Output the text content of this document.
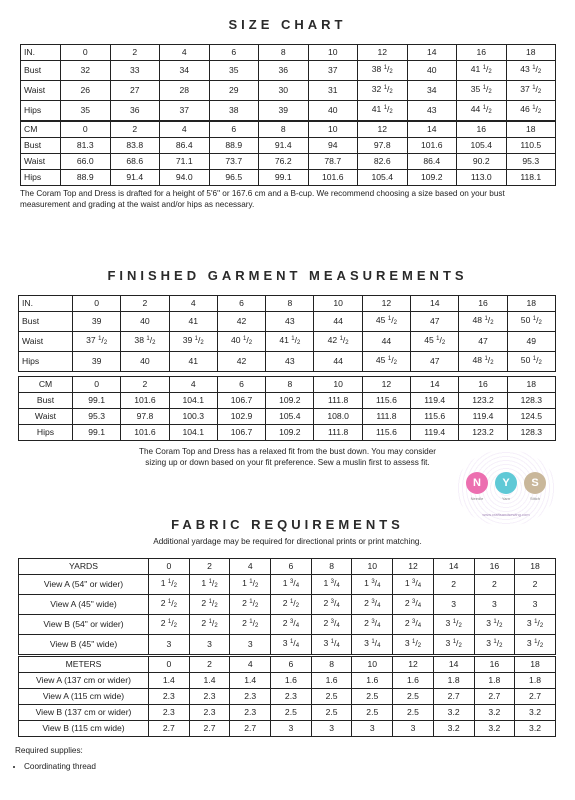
SIZE CHART
IN.	0	2	4	6	8	10	12	14	16	18
Bust	32	33	34	35	36	37	38 $^1/_2$	40	41 $^1/_2$	43 $^1/_2$
Waist	26	27	28	29	30	31	32 $^1/_2$	34	35 $^1/_2$	37 $^1/_2$
Hips	35	36	37	38	39	40	41 $^1/_2$	43	44 $^1/_2$	46 $^1/_2$
CM	0	2	4	6	8	10	12	14	16	18
Bust	81.3	83.8	86.4	88.9	91.4	94	97.8	101.6	105.4	110.5
Waist	66.0	68.6	71.1	73.7	76.2	78.7	82.6	86.4	90.2	95.3
Hips	88.9	91.4	94.0	96.5	99.1	101.6	105.4	109.2	113.0	118.1
The Coram Top and Dress is drafted for a height of 5'6" or 167.6 cm and a B-cup. We recommend choosing a size based on your bust measurement and grading at the waist and/or hips as necessary.
FINISHED GARMENT MEASUREMENTS
IN.	0	2	4	6	8	10	12	14	16	18
Bust	39	40	41	42	43	44	45 $^1/_2$	47	48 $^1/_2$	50 $^1/_2$
Waist	37 $^1/_2$	38 $^1/_2$	39 $^1/_2$	40 $^1/_2$	41 $^1/_2$	42 $^1/_2$	44	45 $^1/_2$	47	49
Hips	39	40	41	42	43	44	45 $^1/_2$	47	48 $^1/_2$	50 $^1/_2$
CM	0	2	4	6	8	10	12	14	16	18
Bust	99.1	101.6	104.1	106.7	109.2	111.8	115.6	119.4	123.2	128.3
Waist	95.3	97.8	100.3	102.9	105.4	108.0	111.8	115.6	119.4	124.5
Hips	99.1	101.6	104.1	106.7	109.2	111.8	115.6	119.4	123.2	128.3
The Coram Top and Dress has a relaxed fit from the bust down. You may consider
sizing up or down based on your fit preference. Sew a muslin first to assess fit.
N	Y	S
Needle	Yarn	Stitch
www.craftsandsewing.com
FABRIC REQUIREMENTS
Additional yardage may be required for directional prints or print matching.
YARDS	0	2	4	6	8	10	12	14	16	18
View A (54" or wider)	1 $^1/_2$	1 $^1/_2$	1 $^1/_2$	1 $^3/_4$	1 $^3/_4$	1 $^3/_4$	1 $^3/_4$	2	2	2
View A (45" wide)	2 $^1/_2$	2 $^1/_2$	2 $^1/_2$	2 $^1/_2$	2 $^3/_4$	2 $^3/_4$	2 $^3/_4$	3	3	3
View B (54" or wider)	2 $^1/_2$	2 $^1/_2$	2 $^1/_2$	2 $^3/_4$	2 $^3/_4$	2 $^3/_4$	2 $^3/_4$	3 $^1/_2$	3 $^1/_2$	3 $^1/_2$
View B (45" wide)	3	3	3	3 $^1/_4$	3 $^1/_4$	3 $^1/_4$	3 $^1/_2$	3 $^1/_2$	3 $^1/_2$	3 $^1/_2$
METERS	0	2	4	6	8	10	12	14	16	18
View A (137 cm or wider)	1.4	1.4	1.4	1.6	1.6	1.6	1.6	1.8	1.8	1.8
View A (115 cm wide)	2.3	2.3	2.3	2.3	2.5	2.5	2.5	2.7	2.7	2.7
View B (137 cm or wider)	2.3	2.3	2.3	2.5	2.5	2.5	2.5	3.2	3.2	3.2
View B (115 cm wide)	2.7	2.7	2.7	3	3	3	3	3.2	3.2	3.2
Required supplies:
• Coordinating thread
